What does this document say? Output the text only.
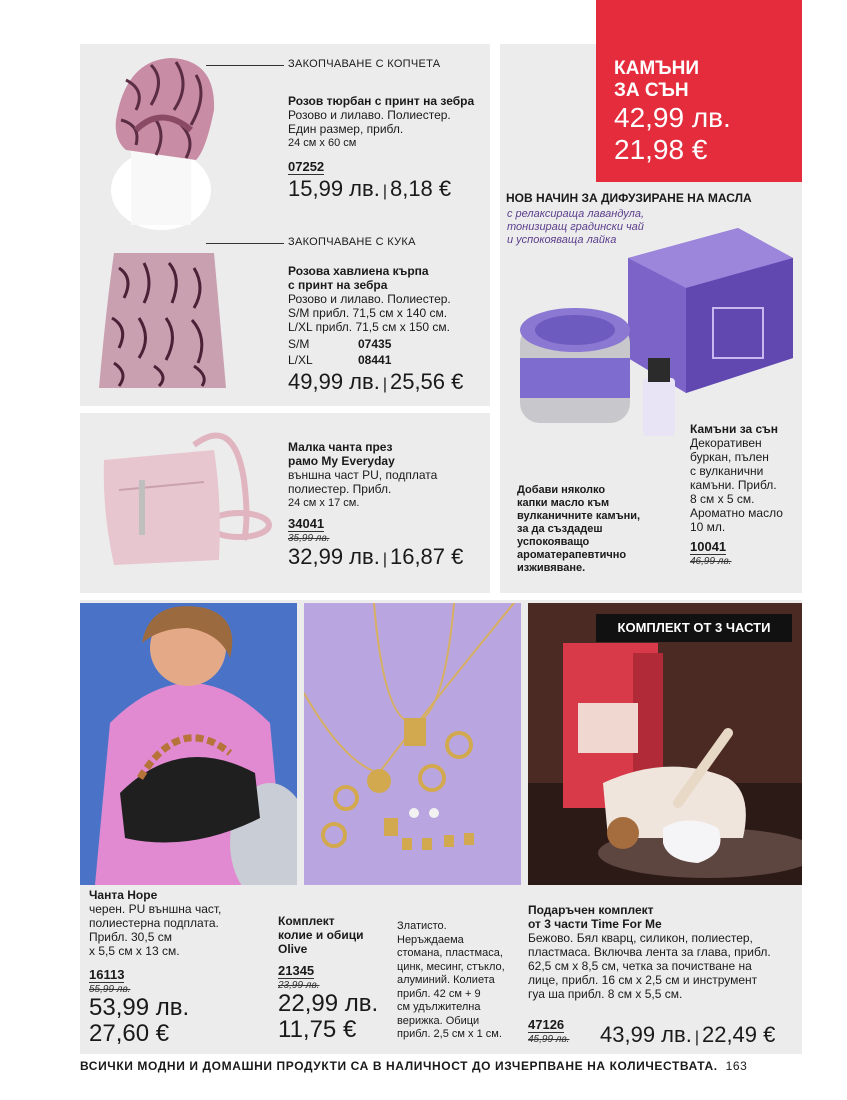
ЗАКОПЧАВАНЕ С КОПЧЕТА
Розов тюрбан с принт на зебра
Розово и лилаво. Полиестер.
Един размер, прибл.
24 см х 60 см
07252
15,99 лв. | 8,18 €
ЗАКОПЧАВАНЕ С КУКА
Розова хавлиена кърпа
с принт на зебра
Розово и лилаво. Полиестер.
S/M прибл. 71,5 см х 140 см.
L/XL прибл. 71,5 см х 150 см.
S/M	07435
L/XL	08441
49,99 лв. | 25,56 €
Малка чанта през
рамо My Everyday
външна част PU, подплата
полиестер. Прибл.
24 см х 17 см.
34041
35,99 лв.
32,99 лв. | 16,87 €
КАМЪНИ
ЗА СЪН
42,99 лв.
21,98 €
НОВ НАЧИН ЗА ДИФУЗИРАНЕ НА МАСЛА
с релаксираща лавандула,
тонизиращ градински чай
и успокояваща лайка
Добави няколко
капки масло към
вулканичните камъни,
за да създадеш
успокояващо
ароматерапевтично
изживяване.
Камъни за сън
Декоративен
буркан, пълен
с вулканични
камъни. Прибл.
8 см х 5 см.
Ароматно масло
10 мл.
10041
46,99 лв.
КОМПЛЕКТ ОТ 3 ЧАСТИ
Чанта Hope
черен. PU външна част,
полиестерна подплата.
Прибл. 30,5 см
х 5,5 см х 13 см.
16113
55,99 лв.
53,99 лв.
27,60 €
Комплект
колие и обици
Olive
21345
23,99 лв.
22,99 лв.
11,75 €
Златисто.
Неръждаема
стомана, пластмаса,
цинк, месинг, стъкло,
алуминий. Колиета
прибл. 42 см + 9
см удължителна
верижка. Обици
прибл. 2,5 см х 1 см.
Подаръчен комплект
от 3 части Time For Me
Бежово. Бял кварц, силикон, полиестер,
пластмаса. Включва лента за глава, прибл.
62,5 см х 8,5 см, четка за почистване на
лице, прибл. 16 см х 2,5 см и инструмент
гуа ша прибл. 8 см х 5,5 см.
47126
45,99 лв. 43,99 лв. | 22,49 €
ВСИЧКИ МОДНИ И ДОМАШНИ ПРОДУКТИ СА В НАЛИЧНОСТ ДО ИЗЧЕРПВАНЕ НА КОЛИЧЕСТВАТА. 163
